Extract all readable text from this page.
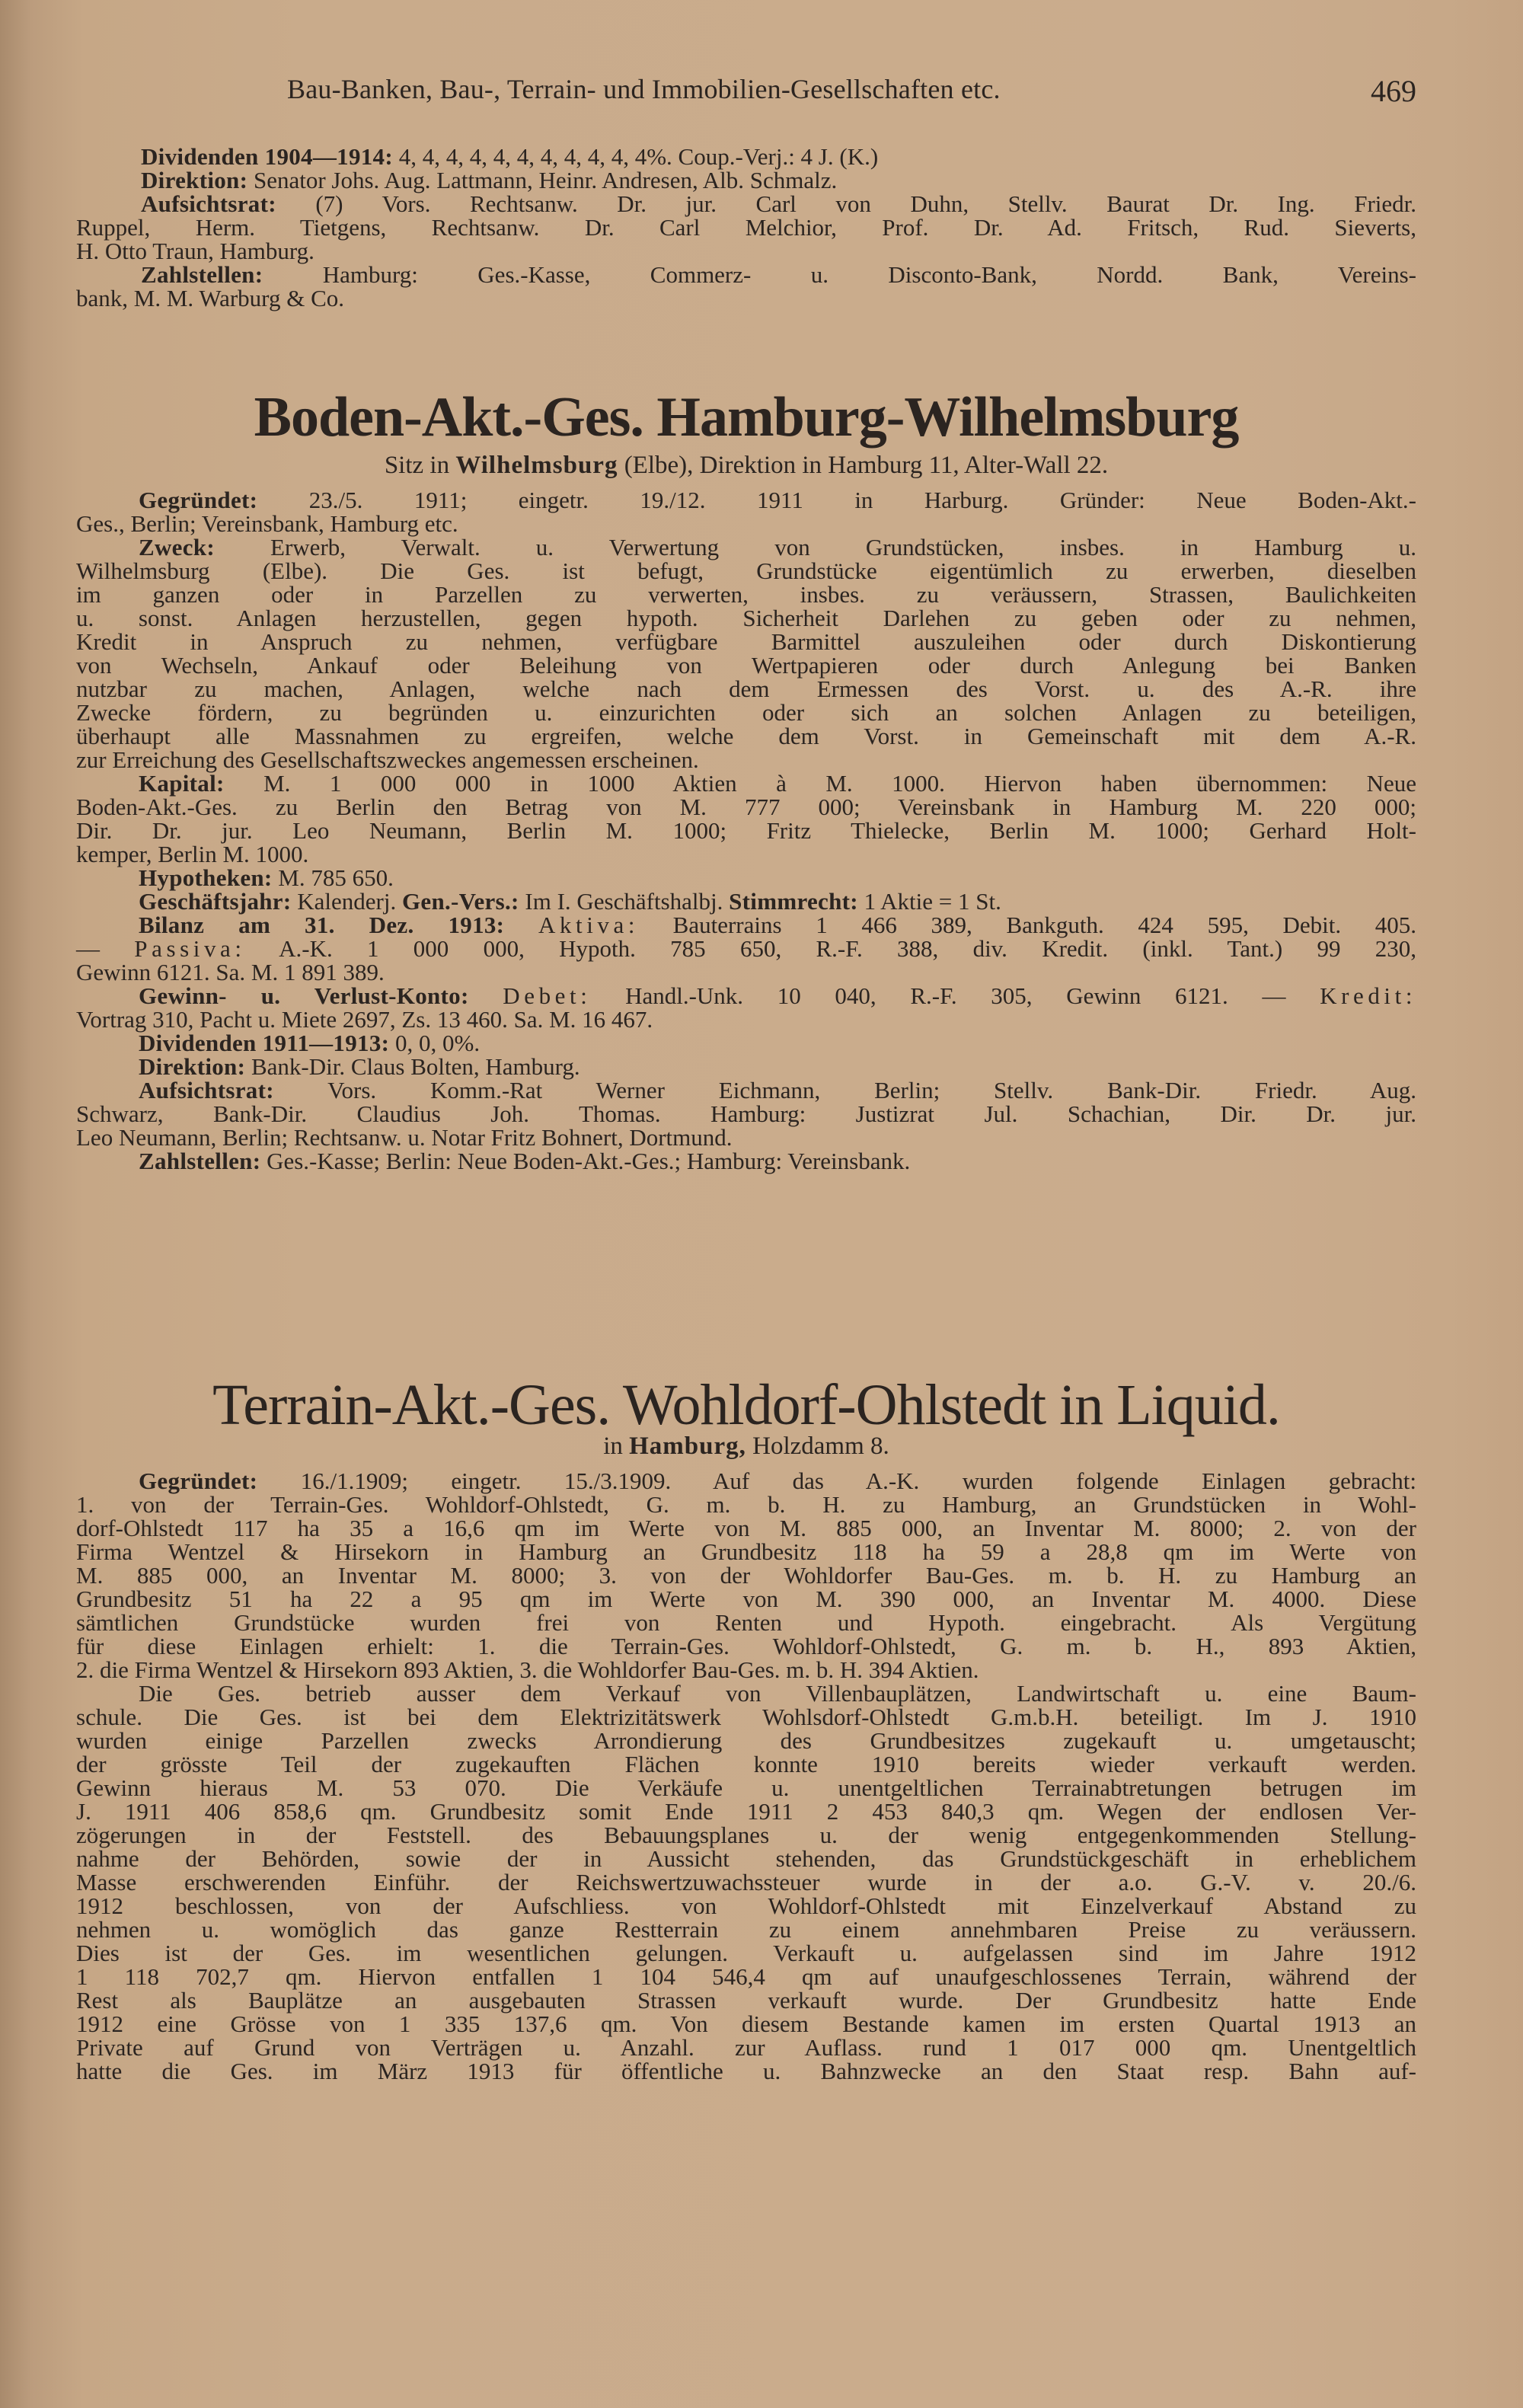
Bau-Banken, Bau-, Terrain- und Immobilien-Gesellschaften etc.	469
Dividenden 1904—1914: 4, 4, 4, 4, 4, 4, 4, 4, 4, 4, 4%. Coup.-Verj.: 4 J. (K.)
Direktion: Senator Johs. Aug. Lattmann, Heinr. Andresen, Alb. Schmalz.
Aufsichtsrat: (7) Vors. Rechtsanw. Dr. jur. Carl von Duhn, Stellv. Baurat Dr. Ing. Friedr.
Ruppel, Herm. Tietgens, Rechtsanw. Dr. Carl Melchior, Prof. Dr. Ad. Fritsch, Rud. Sieverts,
H. Otto Traun, Hamburg.
Zahlstellen: Hamburg: Ges.-Kasse, Commerz- u. Disconto-Bank, Nordd. Bank, Vereins-
bank, M. M. Warburg & Co.
Boden-Akt.-Ges. Hamburg-Wilhelmsburg
Sitz in Wilhelmsburg (Elbe), Direktion in Hamburg 11, Alter-Wall 22.
Gegründet: 23./5. 1911; eingetr. 19./12. 1911 in Harburg. Gründer: Neue Boden-Akt.-
Ges., Berlin; Vereinsbank, Hamburg etc.
Zweck: Erwerb, Verwalt. u. Verwertung von Grundstücken, insbes. in Hamburg u.
Wilhelmsburg (Elbe). Die Ges. ist befugt, Grundstücke eigentümlich zu erwerben, dieselben
im ganzen oder in Parzellen zu verwerten, insbes. zu veräussern, Strassen, Baulichkeiten
u. sonst. Anlagen herzustellen, gegen hypoth. Sicherheit Darlehen zu geben oder zu nehmen,
Kredit in Anspruch zu nehmen, verfügbare Barmittel auszuleihen oder durch Diskontierung
von Wechseln, Ankauf oder Beleihung von Wertpapieren oder durch Anlegung bei Banken
nutzbar zu machen, Anlagen, welche nach dem Ermessen des Vorst. u. des A.-R. ihre
Zwecke fördern, zu begründen u. einzurichten oder sich an solchen Anlagen zu beteiligen,
überhaupt alle Massnahmen zu ergreifen, welche dem Vorst. in Gemeinschaft mit dem A.-R.
zur Erreichung des Gesellschaftszweckes angemessen erscheinen.
Kapital: M. 1 000 000 in 1000 Aktien à M. 1000. Hiervon haben übernommen: Neue
Boden-Akt.-Ges. zu Berlin den Betrag von M. 777 000; Vereinsbank in Hamburg M. 220 000;
Dir. Dr. jur. Leo Neumann, Berlin M. 1000; Fritz Thielecke, Berlin M. 1000; Gerhard Holt-
kemper, Berlin M. 1000.
Hypotheken: M. 785 650.
Geschäftsjahr: Kalenderj. Gen.-Vers.: Im I. Geschäftshalbj. Stimmrecht: 1 Aktie = 1 St.
Bilanz am 31. Dez. 1913: Aktiva: Bauterrains 1 466 389, Bankguth. 424 595, Debit. 405.
— Passiva: A.-K. 1 000 000, Hypoth. 785 650, R.-F. 388, div. Kredit. (inkl. Tant.) 99 230,
Gewinn 6121. Sa. M. 1 891 389.
Gewinn- u. Verlust-Konto: Debet: Handl.-Unk. 10 040, R.-F. 305, Gewinn 6121. — Kredit:
Vortrag 310, Pacht u. Miete 2697, Zs. 13 460. Sa. M. 16 467.
Dividenden 1911—1913: 0, 0, 0%.
Direktion: Bank-Dir. Claus Bolten, Hamburg.
Aufsichtsrat: Vors. Komm.-Rat Werner Eichmann, Berlin; Stellv. Bank-Dir. Friedr. Aug.
Schwarz, Bank-Dir. Claudius Joh. Thomas. Hamburg: Justizrat Jul. Schachian, Dir. Dr. jur.
Leo Neumann, Berlin; Rechtsanw. u. Notar Fritz Bohnert, Dortmund.
Zahlstellen: Ges.-Kasse; Berlin: Neue Boden-Akt.-Ges.; Hamburg: Vereinsbank.
Terrain-Akt.-Ges. Wohldorf-Ohlstedt in Liquid.
in Hamburg, Holzdamm 8.
Gegründet: 16./1.1909; eingetr. 15./3.1909. Auf das A.-K. wurden folgende Einlagen gebracht:
1. von der Terrain-Ges. Wohldorf-Ohlstedt, G. m. b. H. zu Hamburg, an Grundstücken in Wohl-
dorf-Ohlstedt 117 ha 35 a 16,6 qm im Werte von M. 885 000, an Inventar M. 8000; 2. von der
Firma Wentzel & Hirsekorn in Hamburg an Grundbesitz 118 ha 59 a 28,8 qm im Werte von
M. 885 000, an Inventar M. 8000; 3. von der Wohldorfer Bau-Ges. m. b. H. zu Hamburg an
Grundbesitz 51 ha 22 a 95 qm im Werte von M. 390 000, an Inventar M. 4000. Diese
sämtlichen Grundstücke wurden frei von Renten und Hypoth. eingebracht. Als Vergütung
für diese Einlagen erhielt: 1. die Terrain-Ges. Wohldorf-Ohlstedt, G. m. b. H., 893 Aktien,
2. die Firma Wentzel & Hirsekorn 893 Aktien, 3. die Wohldorfer Bau-Ges. m. b. H. 394 Aktien.
Die Ges. betrieb ausser dem Verkauf von Villenbauplätzen, Landwirtschaft u. eine Baum-
schule. Die Ges. ist bei dem Elektrizitätswerk Wohlsdorf-Ohlstedt G.m.b.H. beteiligt. Im J. 1910
wurden einige Parzellen zwecks Arrondierung des Grundbesitzes zugekauft u. umgetauscht;
der grösste Teil der zugekauften Flächen konnte 1910 bereits wieder verkauft werden.
Gewinn hieraus M. 53 070. Die Verkäufe u. unentgeltlichen Terrainabtretungen betrugen im
J. 1911 406 858,6 qm. Grundbesitz somit Ende 1911 2 453 840,3 qm. Wegen der endlosen Ver-
zögerungen in der Feststell. des Bebauungsplanes u. der wenig entgegenkommenden Stellung-
nahme der Behörden, sowie der in Aussicht stehenden, das Grundstückgeschäft in erheblichem
Masse erschwerenden Einführ. der Reichswertzuwachssteuer wurde in der a.o. G.-V. v. 20./6.
1912 beschlossen, von der Aufschliess. von Wohldorf-Ohlstedt mit Einzelverkauf Abstand zu
nehmen u. womöglich das ganze Restterrain zu einem annehmbaren Preise zu veräussern.
Dies ist der Ges. im wesentlichen gelungen. Verkauft u. aufgelassen sind im Jahre 1912
1 118 702,7 qm. Hiervon entfallen 1 104 546,4 qm auf unaufgeschlossenes Terrain, während der
Rest als Bauplätze an ausgebauten Strassen verkauft wurde. Der Grundbesitz hatte Ende
1912 eine Grösse von 1 335 137,6 qm. Von diesem Bestande kamen im ersten Quartal 1913 an
Private auf Grund von Verträgen u. Anzahl. zur Auflass. rund 1 017 000 qm. Unentgeltlich
hatte die Ges. im März 1913 für öffentliche u. Bahnzwecke an den Staat resp. Bahn auf-
